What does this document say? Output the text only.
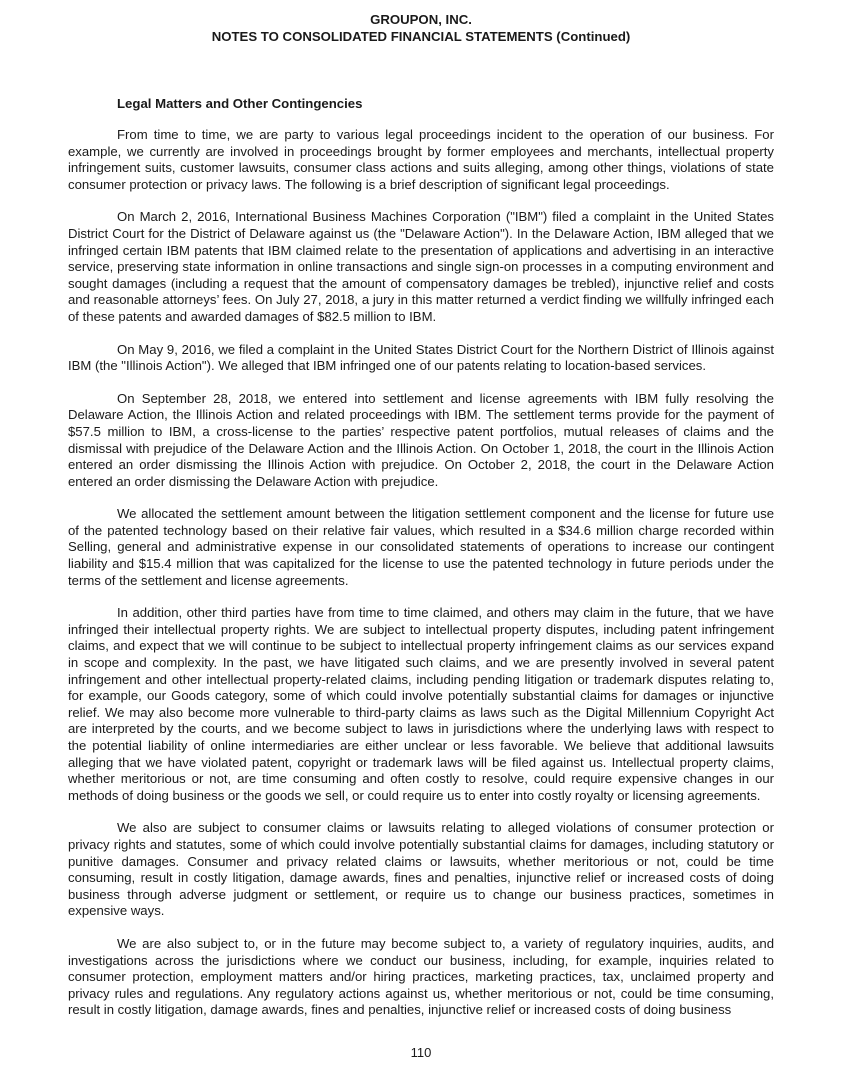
GROUPON, INC.
NOTES TO CONSOLIDATED FINANCIAL STATEMENTS (Continued)
Legal Matters and Other Contingencies

From time to time, we are party to various legal proceedings incident to the operation of our business. For example, we currently are involved in proceedings brought by former employees and merchants, intellectual property infringement suits, customer lawsuits, consumer class actions and suits alleging, among other things, violations of state consumer protection or privacy laws. The following is a brief description of significant legal proceedings.

On March 2, 2016, International Business Machines Corporation ("IBM") filed a complaint in the United States District Court for the District of Delaware against us (the "Delaware Action"). In the Delaware Action, IBM alleged that we infringed certain IBM patents that IBM claimed relate to the presentation of applications and advertising in an interactive service, preserving state information in online transactions and single sign-on processes in a computing environment and sought damages (including a request that the amount of compensatory damages be trebled), injunctive relief and costs and reasonable attorneys’ fees. On July 27, 2018, a jury in this matter returned a verdict finding we willfully infringed each of these patents and awarded damages of $82.5 million to IBM.

On May 9, 2016, we filed a complaint in the United States District Court for the Northern District of Illinois against IBM (the "Illinois Action"). We alleged that IBM infringed one of our patents relating to location-based services.

On September 28, 2018, we entered into settlement and license agreements with IBM fully resolving the Delaware Action, the Illinois Action and related proceedings with IBM. The settlement terms provide for the payment of $57.5 million to IBM, a cross-license to the parties’ respective patent portfolios, mutual releases of claims and the dismissal with prejudice of the Delaware Action and the Illinois Action. On October 1, 2018, the court in the Illinois Action entered an order dismissing the Illinois Action with prejudice. On October 2, 2018, the court in the Delaware Action entered an order dismissing the Delaware Action with prejudice.

We allocated the settlement amount between the litigation settlement component and the license for future use of the patented technology based on their relative fair values, which resulted in a $34.6 million charge recorded within Selling, general and administrative expense in our consolidated statements of operations to increase our contingent liability and $15.4 million that was capitalized for the license to use the patented technology in future periods under the terms of the settlement and license agreements.

In addition, other third parties have from time to time claimed, and others may claim in the future, that we have infringed their intellectual property rights. We are subject to intellectual property disputes, including patent infringement claims, and expect that we will continue to be subject to intellectual property infringement claims as our services expand in scope and complexity. In the past, we have litigated such claims, and we are presently involved in several patent infringement and other intellectual property-related claims, including pending litigation or trademark disputes relating to, for example, our Goods category, some of which could involve potentially substantial claims for damages or injunctive relief. We may also become more vulnerable to third-party claims as laws such as the Digital Millennium Copyright Act are interpreted by the courts, and we become subject to laws in jurisdictions where the underlying laws with respect to the potential liability of online intermediaries are either unclear or less favorable. We believe that additional lawsuits alleging that we have violated patent, copyright or trademark laws will be filed against us. Intellectual property claims, whether meritorious or not, are time consuming and often costly to resolve, could require expensive changes in our methods of doing business or the goods we sell, or could require us to enter into costly royalty or licensing agreements.

We also are subject to consumer claims or lawsuits relating to alleged violations of consumer protection or privacy rights and statutes, some of which could involve potentially substantial claims for damages, including statutory or punitive damages. Consumer and privacy related claims or lawsuits, whether meritorious or not, could be time consuming, result in costly litigation, damage awards, fines and penalties, injunctive relief or increased costs of doing business through adverse judgment or settlement, or require us to change our business practices, sometimes in expensive ways.

We are also subject to, or in the future may become subject to, a variety of regulatory inquiries, audits, and investigations across the jurisdictions where we conduct our business, including, for example, inquiries related to consumer protection, employment matters and/or hiring practices, marketing practices, tax, unclaimed property and privacy rules and regulations. Any regulatory actions against us, whether meritorious or not, could be time consuming, result in costly litigation, damage awards, fines and penalties, injunctive relief or increased costs of doing business

110
